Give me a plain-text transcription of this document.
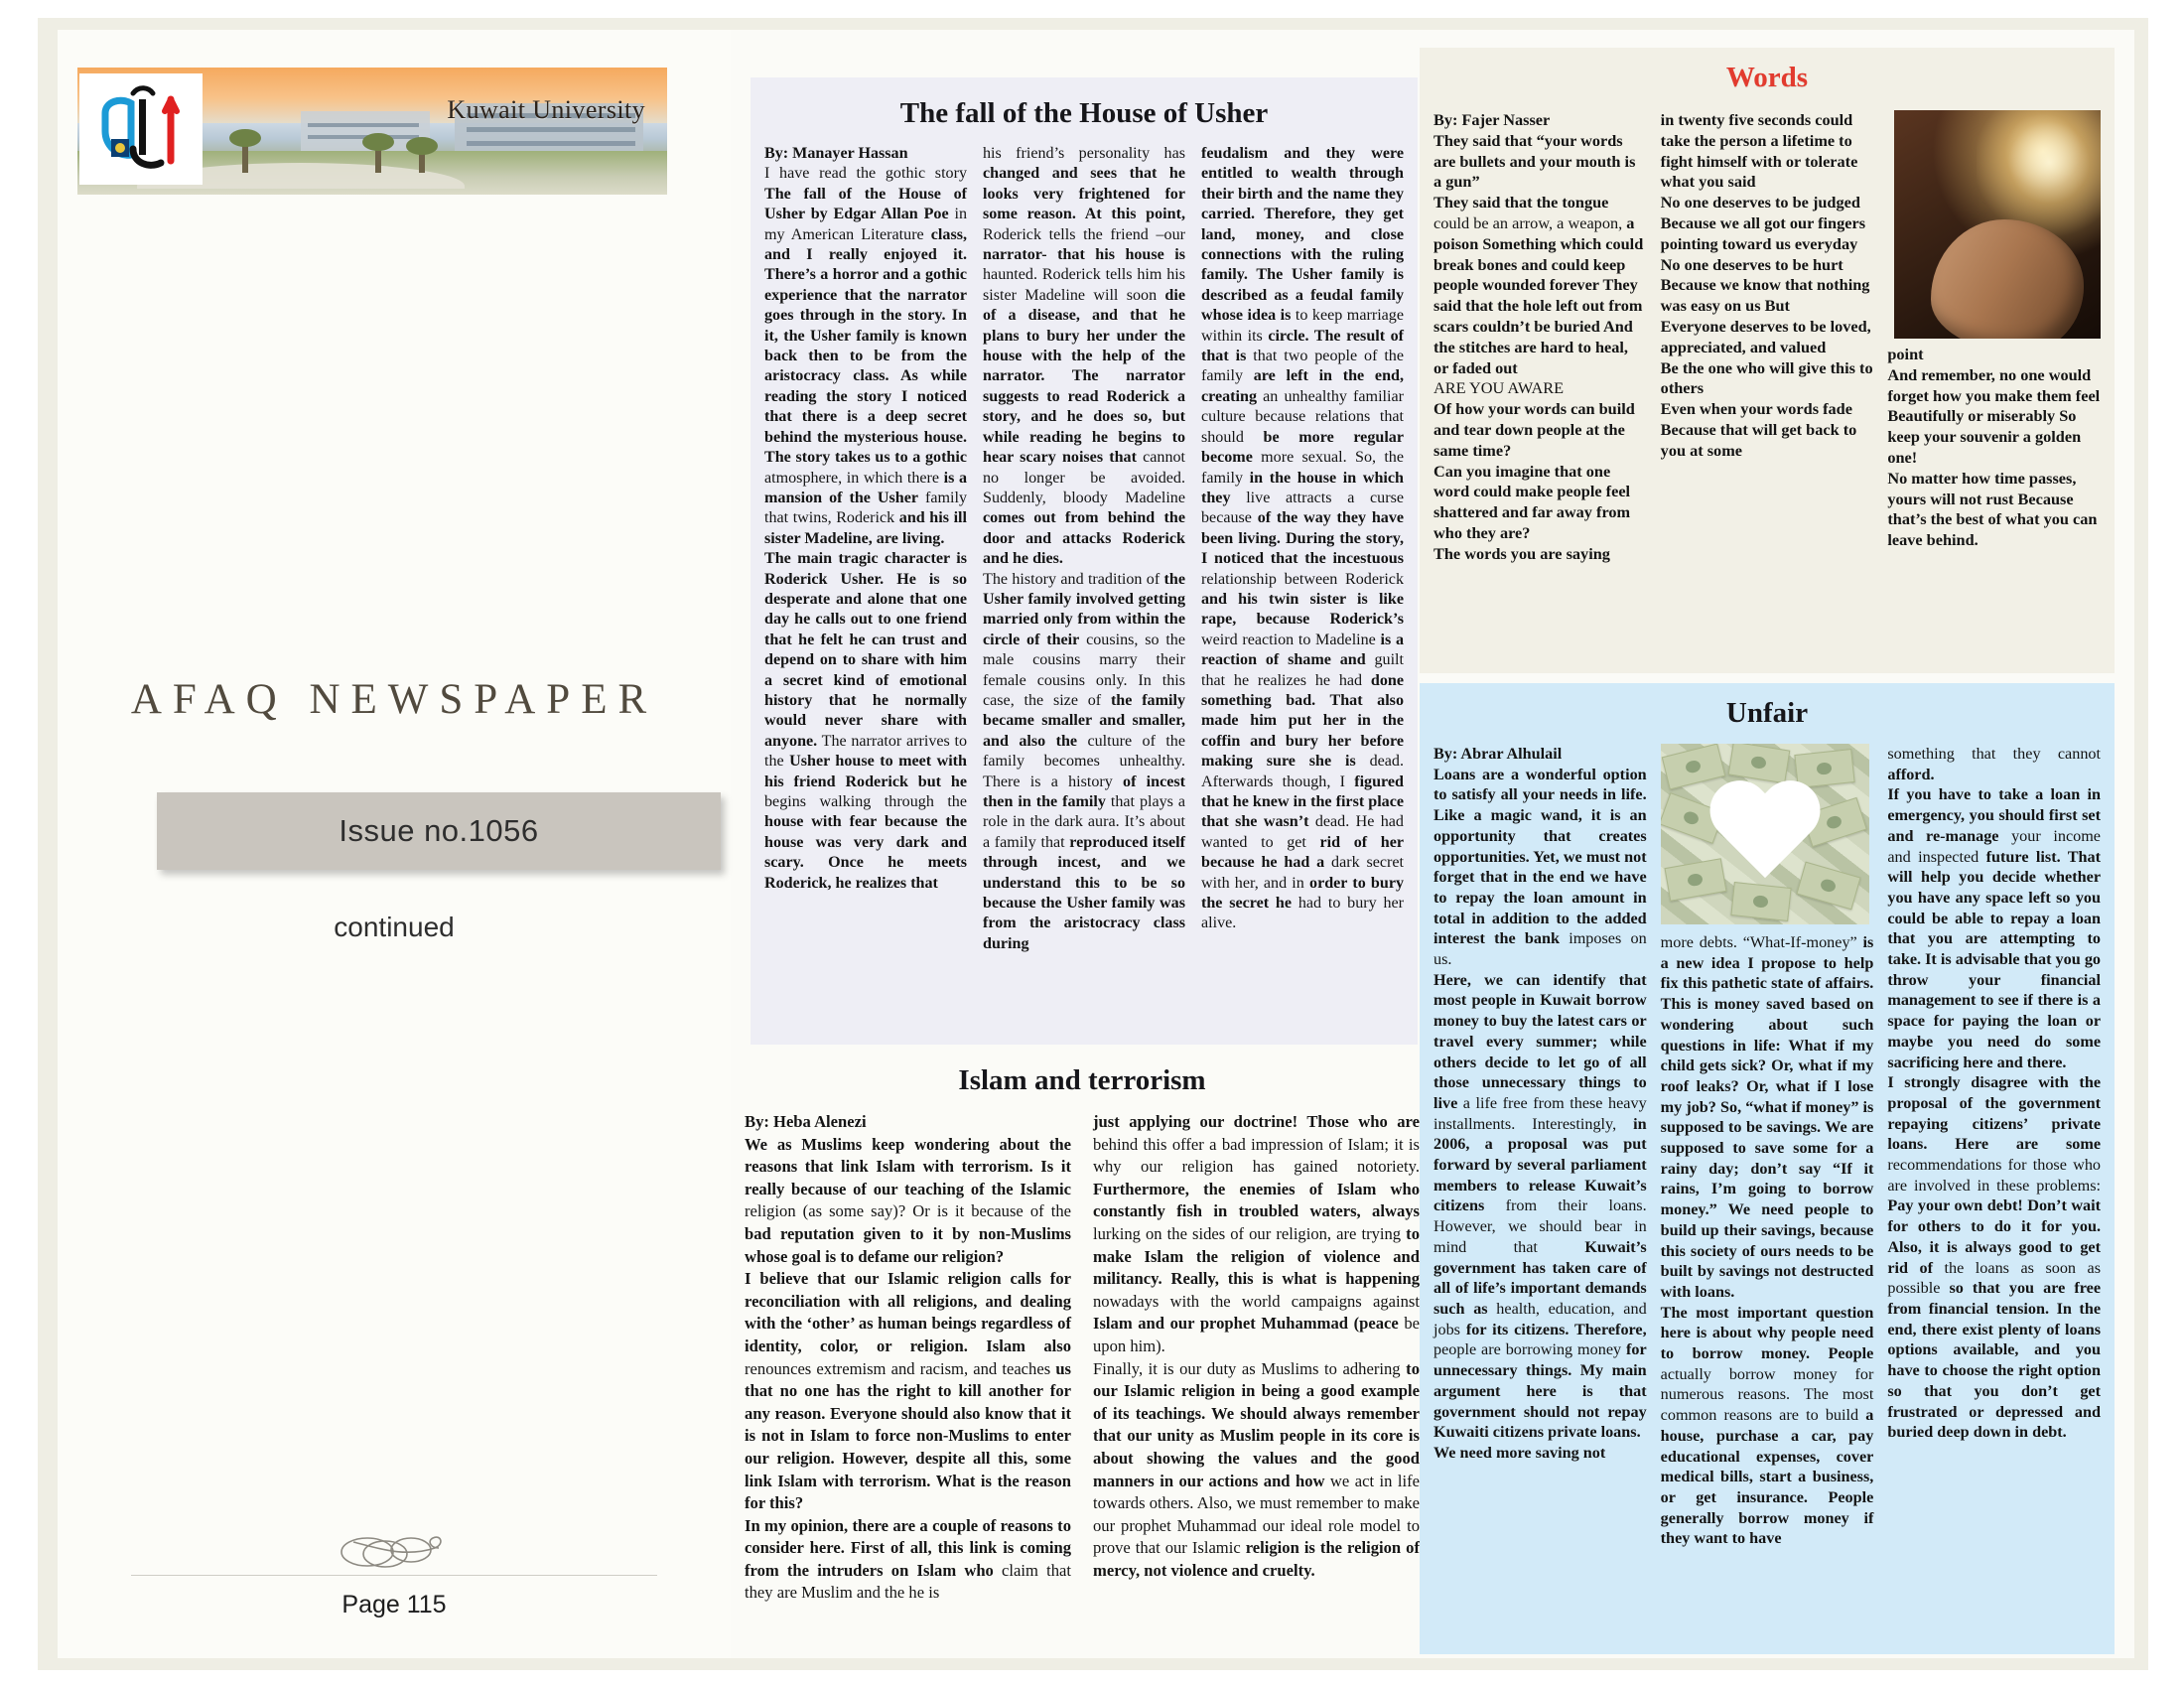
Kuwait University
AFAQ NEWSPAPER
Issue no.1056
continued
Page 115
The fall of the House of Usher
By: Manayer Hassan
I have read the gothic story The fall of the House of Usher by Edgar Allan Poe in my American Literature class, and I really enjoyed it. There’s a horror and a gothic experience that the narrator goes through in the story. In it, the Usher family is known back then to be from the aristocracy class. As while reading the story I noticed that there is a deep secret behind the mysterious house. The story takes us to a gothic atmosphere, in which there is a mansion of the Usher family that twins, Roderick and his ill sister Madeline, are living.
The main tragic character is Roderick Usher. He is so desperate and alone that one day he calls out to one friend that he felt he can trust and depend on to share with him a secret kind of emotional history that he normally would never share with anyone. The narrator arrives to the Usher house to meet with his friend Roderick but he begins walking through the house with fear because the house was very dark and scary. Once he meets Roderick, he realizes that
his friend’s personality has changed and sees that he looks very frightened for some reason. At this point, Roderick tells the friend –our narrator- that his house is haunted. Roderick tells him his sister Madeline will soon die of a disease, and that he plans to bury her under the house with the help of the narrator. The narrator suggests to read Roderick a story, and he does so, but while reading he begins to hear scary noises that cannot no longer be avoided. Suddenly, bloody Madeline comes out from behind the door and attacks Roderick and he dies.
The history and tradition of the Usher family involved getting married only from within the circle of their cousins, so the male cousins marry their female cousins only. In this case, the size of the family became smaller and smaller, and also the culture of the family becomes unhealthy. There is a history of incest then in the family that plays a role in the dark aura. It’s about a family that reproduced itself through incest, and we understand this to be so because the Usher family was from the aristocracy class during
feudalism and they were entitled to wealth through their birth and the name they carried. Therefore, they get land, money, and close connections with the ruling family. The Usher family is described as a feudal family whose idea is to keep marriage within its circle. The result of that is that two people of the family are left in the end, creating an unhealthy familiar culture because relations that should be more regular become more sexual. So, the family in the house in which they live attracts a curse because of the way they have been living. During the story, I noticed that the incestuous relationship between Roderick and his twin sister is like rape, because Roderick’s weird reaction to Madeline is a reaction of shame and guilt that he realizes he had done something bad. That also made him put her in the coffin and bury her before making sure she is dead. Afterwards though, I figured that he knew in the first place that she wasn’t dead. He had wanted to get rid of her because he had a dark secret with her, and in order to bury the secret he had to bury her alive.
Islam and terrorism
By: Heba Alenezi
We as Muslims keep wondering about the reasons that link Islam with terrorism. Is it really because of our teaching of the Islamic religion (as some say)? Or is it because of the bad reputation given to it by non-Muslims whose goal is to defame our religion?
I believe that our Islamic religion calls for reconciliation with all religions, and dealing with the ‘other’ as human beings regardless of identity, color, or religion. Islam also renounces extremism and racism, and teaches us that no one has the right to kill another for any reason. Everyone should also know that it is not in Islam to force non-Muslims to enter our religion. However, despite all this, some link Islam with terrorism. What is the reason for this?
In my opinion, there are a couple of reasons to consider here. First of all, this link is coming from the intruders on Islam who claim that they are Muslim and the he is
just applying our doctrine! Those who are behind this offer a bad impression of Islam; it is why our religion has gained notoriety. Furthermore, the enemies of Islam who constantly fish in troubled waters, always lurking on the sides of our religion, are trying to make Islam the religion of violence and militancy. Really, this is what is happening nowadays with the world campaigns against Islam and our prophet Muhammad (peace be upon him).
Finally, it is our duty as Muslims to adhering to our Islamic religion in being a good example of its teachings. We should always remember that our unity as Muslim people in its core is about showing the values and the good manners in our actions and how we act in life towards others. Also, we must remember to make our prophet Muhammad our ideal role model to prove that our Islamic religion is the religion of mercy, not violence and cruelty.
Words
By: Fajer Nasser
They said that “your words are bullets and your mouth is a gun”
They said that the tongue could be an arrow, a weapon, a poison Something which could break bones and could keep people wounded forever They said that the hole left out from scars couldn’t be buried And the stitches are hard to heal, or faded out
ARE YOU AWARE
Of how your words can build and tear down people at the same time?
Can you imagine that one word could make people feel shattered and far away from who they are?
The words you are saying
in twenty five seconds could take the person a lifetime to fight himself with or tolerate what you said
No one deserves to be judged
Because we all got our fingers pointing toward us everyday
No one deserves to be hurt
Because we know that nothing was easy on us But
Everyone deserves to be loved, appreciated, and valued
Be the one who will give this to others
Even when your words fade Because that will get back to you at some
point
And remember, no one would forget how you make them feel Beautifully or miserably So keep your souvenir a golden one!
No matter how time passes, yours will not rust Because that’s the best of what you can leave behind.
Unfair
By: Abrar Alhulail
Loans are a wonderful option to satisfy all your needs in life. Like a magic wand, it is an opportunity that creates opportunities. Yet, we must not forget that in the end we have to repay the loan amount in total in addition to the added interest the bank imposes on us.
Here, we can identify that most people in Kuwait borrow money to buy the latest cars or travel every summer; while others decide to let go of all those unnecessary things to live a life free from these heavy installments. Interestingly, in 2006, a proposal was put forward by several parliament members to release Kuwait’s citizens from their loans. However, we should bear in mind that Kuwait’s government has taken care of all of life’s important demands such as health, education, and jobs for its citizens. Therefore, people are borrowing money for unnecessary things. My main argument here is that government should not repay Kuwaiti citizens private loans.
We need more saving not
more debts. “What-If-money” is a new idea I propose to help fix this pathetic state of affairs. This is money saved based on wondering about such questions in life: What if my child gets sick? Or, what if my roof leaks? Or, what if I lose my job? So, “what if money” is supposed to be savings. We are supposed to save some for a rainy day; don’t say “If it rains, I’m going to borrow money.” We need people to build up their savings, because this society of ours needs to be built by savings not destructed with loans.
The most important question here is about why people need to borrow money. People actually borrow money for numerous reasons. The most common reasons are to build a house, purchase a car, pay educational expenses, cover medical bills, start a business, or get insurance. People generally borrow money if they want to have
something that they cannot afford.
If you have to take a loan in emergency, you should first set and re-manage your income and inspected future list. That will help you decide whether you have any space left so you could be able to repay a loan that you are attempting to take. It is advisable that you go throw your financial management to see if there is a space for paying the loan or maybe you need do some sacrificing here and there.
I strongly disagree with the proposal of the government repaying citizens’ private loans. Here are some recommendations for those who are involved in these problems: Pay your own debt! Don’t wait for others to do it for you. Also, it is always good to get rid of the loans as soon as possible so that you are free from financial tension. In the end, there exist plenty of loans options available, and you have to choose the right option so that you don’t get frustrated or depressed and buried deep down in debt.
